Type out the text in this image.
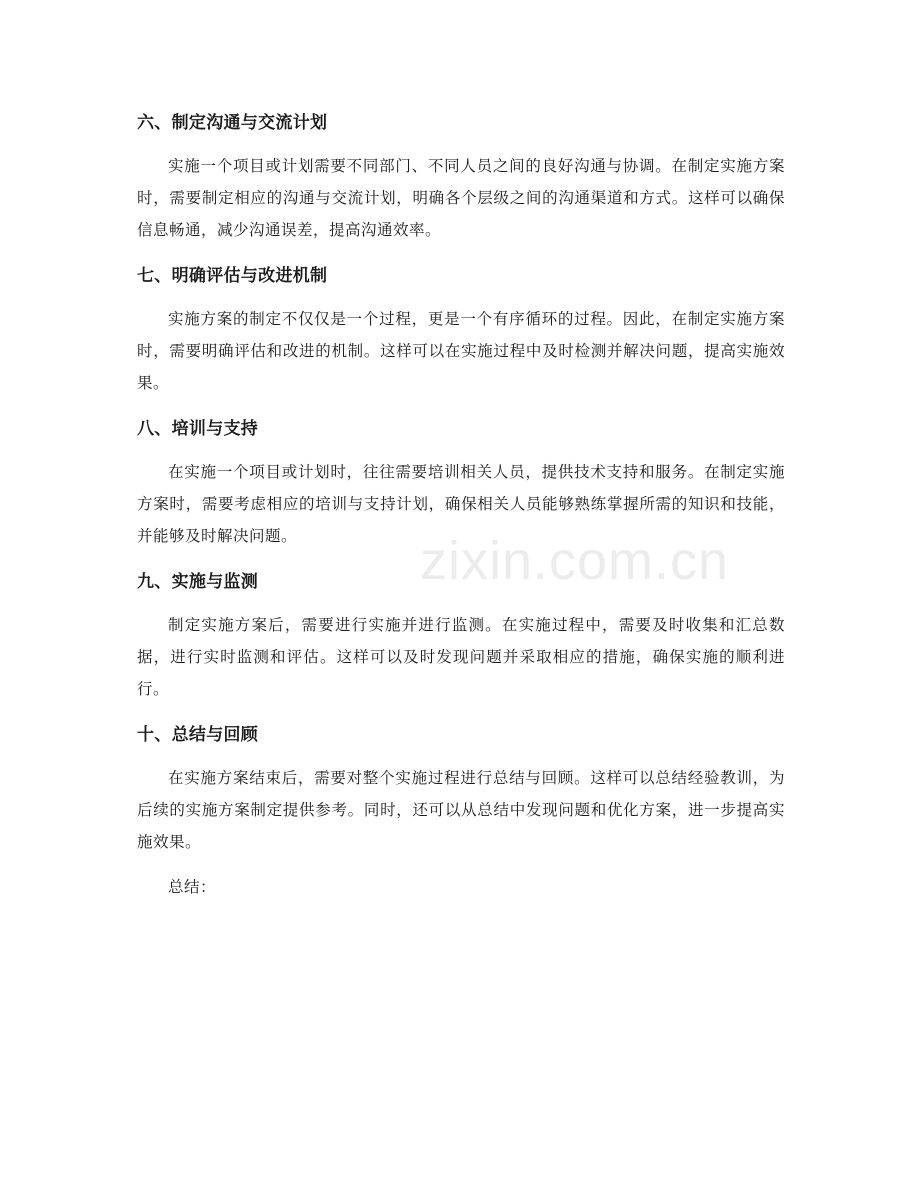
六、制定沟通与交流计划

实施一个项目或计划需要不同部门、不同人员之间的良好沟通与协调。在制定实施方案时，需要制定相应的沟通与交流计划，明确各个层级之间的沟通渠道和方式。这样可以确保信息畅通，减少沟通误差，提高沟通效率。

七、明确评估与改进机制

实施方案的制定不仅仅是一个过程，更是一个有序循环的过程。因此，在制定实施方案时，需要明确评估和改进的机制。这样可以在实施过程中及时检测并解决问题，提高实施效果。

八、培训与支持

在实施一个项目或计划时，往往需要培训相关人员，提供技术支持和服务。在制定实施方案时，需要考虑相应的培训与支持计划，确保相关人员能够熟练掌握所需的知识和技能，并能够及时解决问题。

九、实施与监测

制定实施方案后，需要进行实施并进行监测。在实施过程中，需要及时收集和汇总数据，进行实时监测和评估。这样可以及时发现问题并采取相应的措施，确保实施的顺利进行。

十、总结与回顾

在实施方案结束后，需要对整个实施过程进行总结与回顾。这样可以总结经验教训，为后续的实施方案制定提供参考。同时，还可以从总结中发现问题和优化方案，进一步提高实施效果。

总结：

zixin.com.cn
